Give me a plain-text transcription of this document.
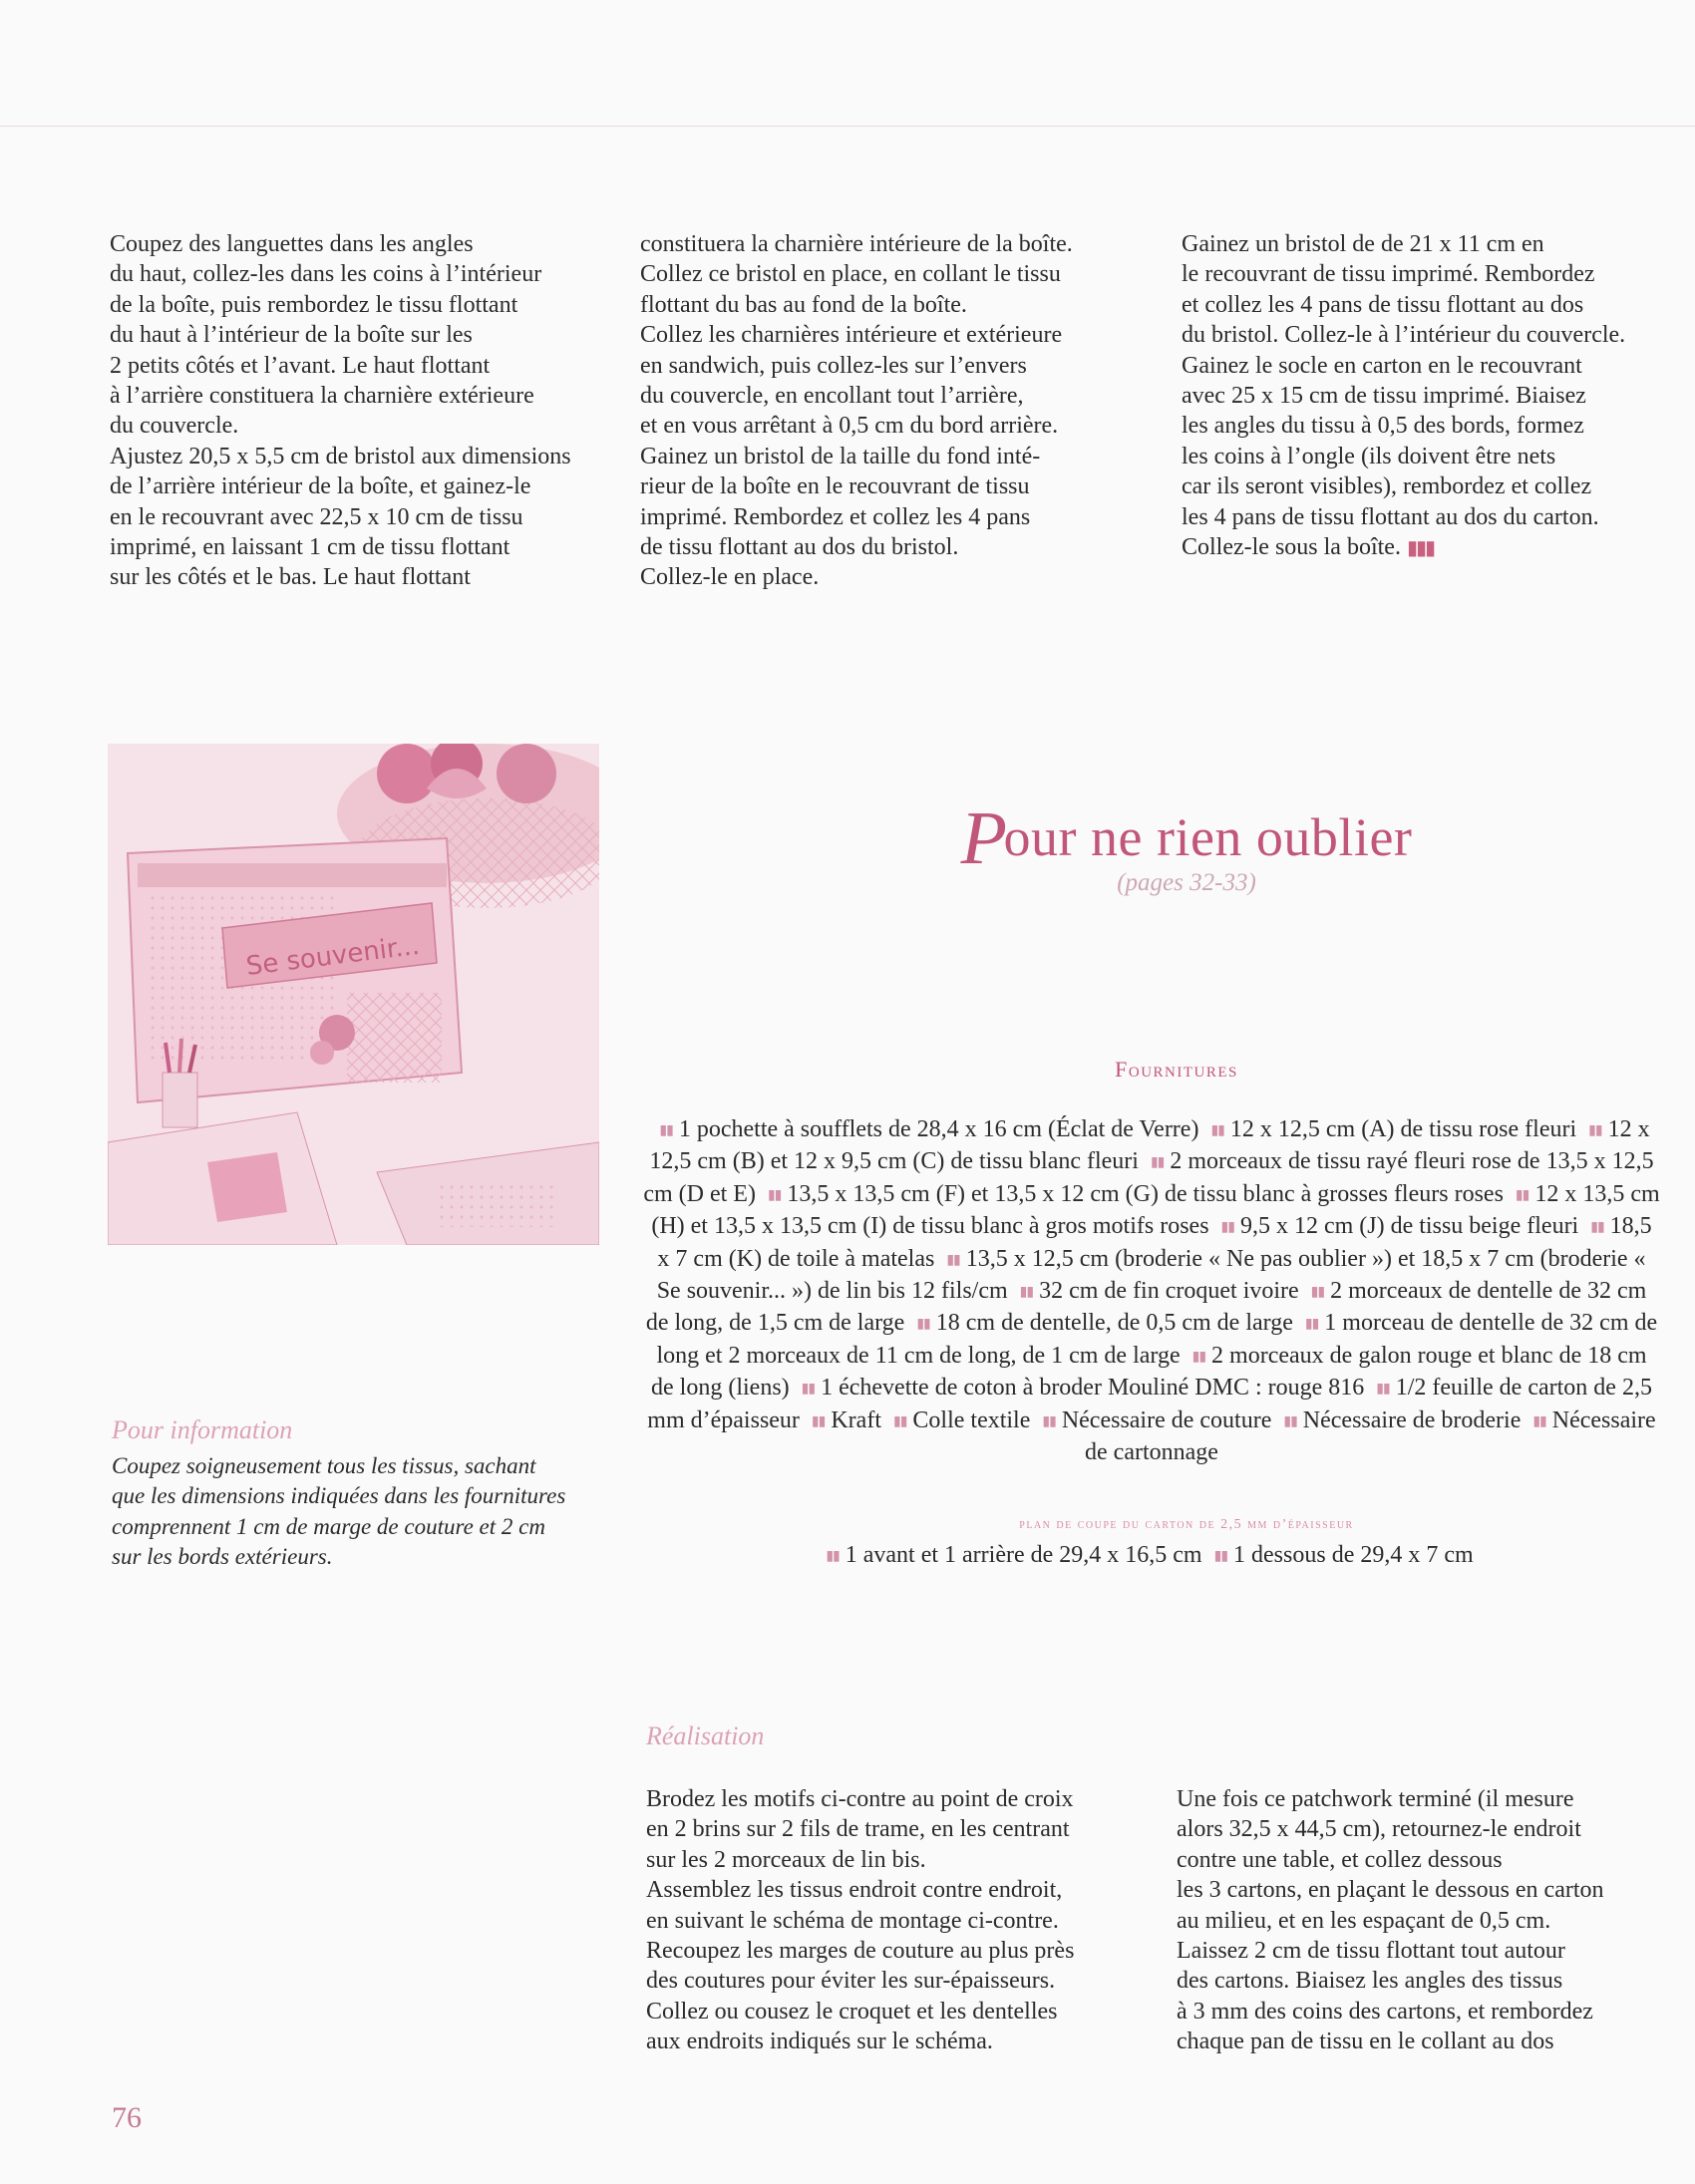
Coupez des languettes dans les angles
du haut, collez-les dans les coins à l’intérieur
de la boîte, puis rembordez le tissu flottant
du haut à l’intérieur de la boîte sur les
2 petits côtés et l’avant. Le haut flottant
à l’arrière constituera la charnière extérieure
du couvercle.
Ajustez 20,5 x 5,5 cm de bristol aux dimensions
de l’arrière intérieur de la boîte, et gainez-le
en le recouvrant avec 22,5 x 10 cm de tissu
imprimé, en laissant 1 cm de tissu flottant
sur les côtés et le bas. Le haut flottant
constituera la charnière intérieure de la boîte.
Collez ce bristol en place, en collant le tissu
flottant du bas au fond de la boîte.
Collez les charnières intérieure et extérieure
en sandwich, puis collez-les sur l’envers
du couvercle, en encollant tout l’arrière,
et en vous arrêtant à 0,5 cm du bord arrière.
Gainez un bristol de la taille du fond inté-
rieur de la boîte en le recouvrant de tissu
imprimé. Rembordez et collez les 4 pans
de tissu flottant au dos du bristol.
Collez-le en place.
Gainez un bristol de de 21 x 11 cm en
le recouvrant de tissu imprimé. Rembordez
et collez les 4 pans de tissu flottant au dos
du bristol. Collez-le à l’intérieur du couvercle.
Gainez le socle en carton en le recouvrant
avec 25 x 15 cm de tissu imprimé. Biaisez
les angles du tissu à 0,5 des bords, formez
les coins à l’ongle (ils doivent être nets
car ils seront visibles), rembordez et collez
les 4 pans de tissu flottant au dos du carton.
Collez-le sous la boîte. ▮▮▮
Se souvenir...
Pour ne rien oublier
(pages 32-33)
Fournitures
▮▮ 1 pochette à soufflets de 28,4 x 16 cm (Éclat de Verre) ▮▮ 12 x 12,5 cm (A) de tissu rose fleuri ▮▮ 12 x 12,5 cm (B) et 12 x 9,5 cm (C) de tissu blanc fleuri ▮▮ 2 morceaux de tissu rayé fleuri rose de 13,5 x 12,5 cm (D et E) ▮▮ 13,5 x 13,5 cm (F) et 13,5 x 12 cm (G) de tissu blanc à grosses fleurs roses ▮▮ 12 x 13,5 cm (H) et 13,5 x 13,5 cm (I) de tissu blanc à gros motifs roses ▮▮ 9,5 x 12 cm (J) de tissu beige fleuri ▮▮ 18,5 x 7 cm (K) de toile à matelas ▮▮ 13,5 x 12,5 cm (broderie « Ne pas oublier ») et 18,5 x 7 cm (broderie « Se souvenir... ») de lin bis 12 fils/cm ▮▮ 32 cm de fin croquet ivoire ▮▮ 2 morceaux de dentelle de 32 cm de long, de 1,5 cm de large ▮▮ 18 cm de dentelle, de 0,5 cm de large ▮▮ 1 morceau de dentelle de 32 cm de long et 2 morceaux de 11 cm de long, de 1 cm de large ▮▮ 2 morceaux de galon rouge et blanc de 18 cm de long (liens) ▮▮ 1 échevette de coton à broder Mouliné DMC : rouge 816 ▮▮ 1/2 feuille de carton de 2,5 mm d’épaisseur ▮▮ Kraft ▮▮ Colle textile ▮▮ Nécessaire de couture ▮▮ Nécessaire de broderie ▮▮ Nécessaire de cartonnage
plan de coupe du carton de 2,5 mm d’épaisseur
▮▮ 1 avant et 1 arrière de 29,4 x 16,5 cm ▮▮ 1 dessous de 29,4 x 7 cm
Pour information
Coupez soigneusement tous les tissus, sachant
que les dimensions indiquées dans les fournitures
comprennent 1 cm de marge de couture et 2 cm
sur les bords extérieurs.
Réalisation
Brodez les motifs ci-contre au point de croix
en 2 brins sur 2 fils de trame, en les centrant
sur les 2 morceaux de lin bis.
Assemblez les tissus endroit contre endroit,
en suivant le schéma de montage ci-contre.
Recoupez les marges de couture au plus près
des coutures pour éviter les sur-épaisseurs.
Collez ou cousez le croquet et les dentelles
aux endroits indiqués sur le schéma.
Une fois ce patchwork terminé (il mesure
alors 32,5 x 44,5 cm), retournez-le endroit
contre une table, et collez dessous
les 3 cartons, en plaçant le dessous en carton
au milieu, et en les espaçant de 0,5 cm.
Laissez 2 cm de tissu flottant tout autour
des cartons. Biaisez les angles des tissus
à 3 mm des coins des cartons, et rembordez
chaque pan de tissu en le collant au dos
76
